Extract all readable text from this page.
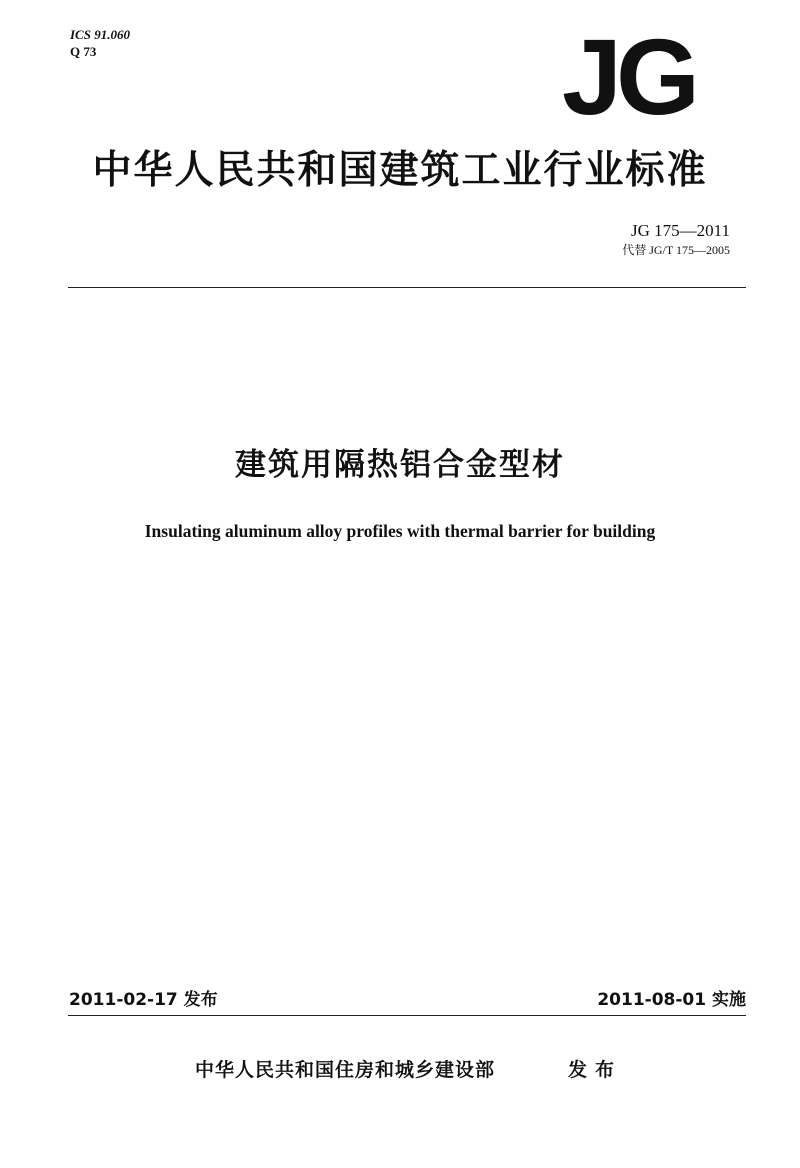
ICS 91.060
Q 73	JG
中华人民共和国建筑工业行业标准
JG 175—2011
代替 JG/T 175—2005
建筑用隔热铝合金型材
Insulating aluminum alloy profiles with thermal barrier for building
2011-02-17 发布	2011-08-01 实施
中华人民共和国住房和城乡建设部	发布
